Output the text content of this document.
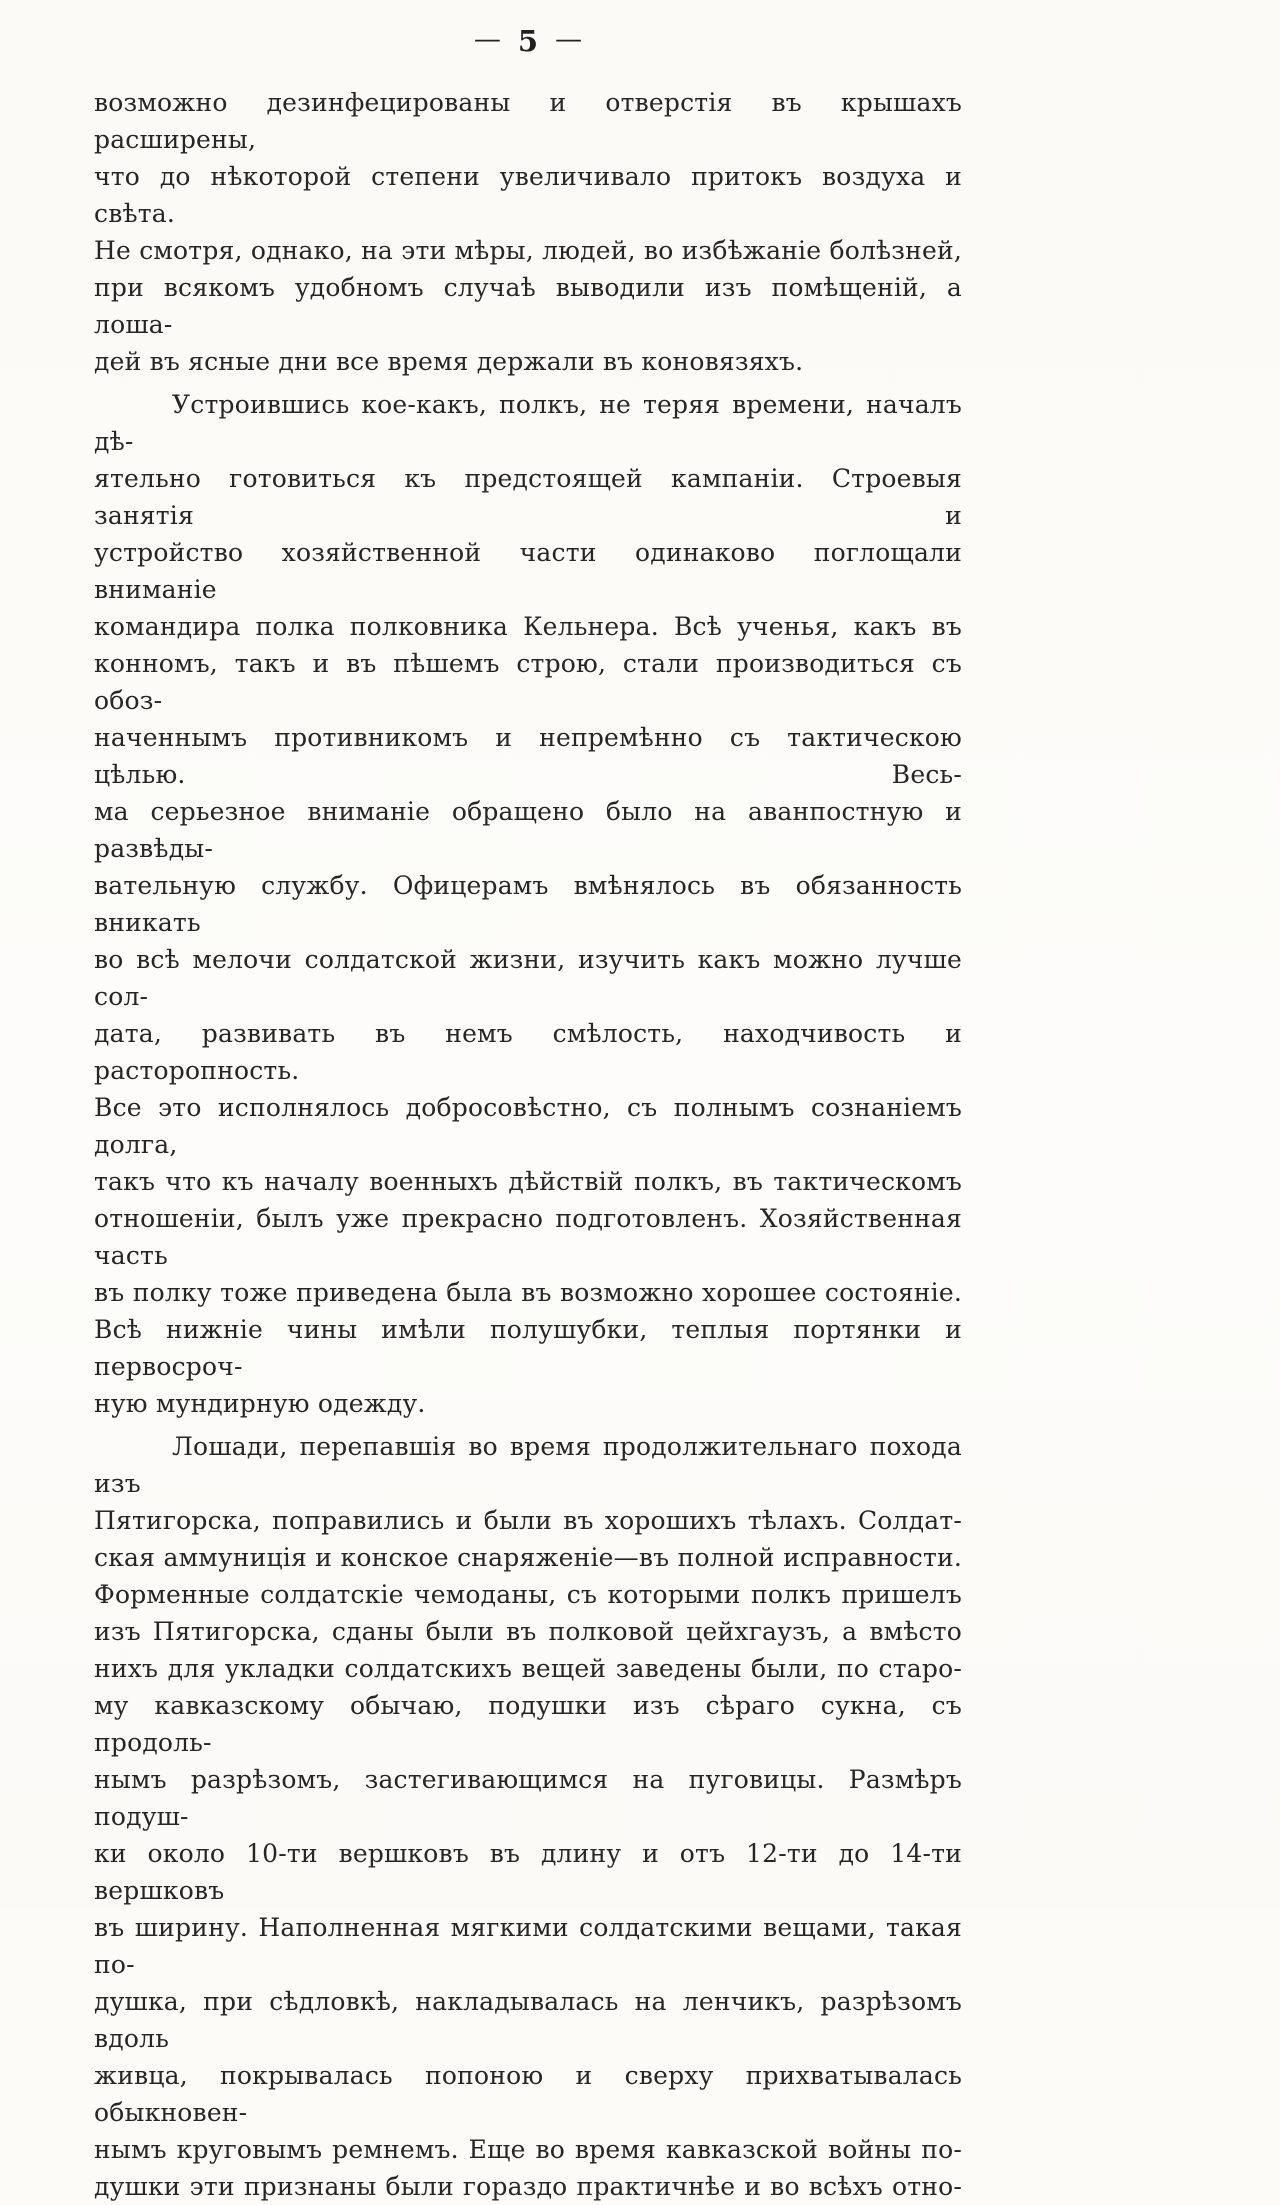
— 5 —
возможно дезинфецированы и отверстія въ крышахъ расширены,
что до нѣкоторой степени увеличивало притокъ воздуха и свѣта.
Не смотря, однако, на эти мѣры, людей, во избѣжаніе болѣзней,
при всякомъ удобномъ случаѣ выводили изъ помѣщеній, а лоша-
дей въ ясные дни все время держали въ коновязяхъ.
Устроившись кое-какъ, полкъ, не теряя времени, началъ дѣ-
ятельно готовиться къ предстоящей кампаніи. Строевыя занятія и
устройство хозяйственной части одинаково поглощали вниманіе
командира полка полковника Кельнера. Всѣ ученья, какъ въ
конномъ, такъ и въ пѣшемъ строю, стали производиться съ обоз-
наченнымъ противникомъ и непремѣнно съ тактическою цѣлью. Весь-
ма серьезное вниманіе обращено было на аванпостную и развѣды-
вательную службу. Офицерамъ вмѣнялось въ обязанность вникать
во всѣ мелочи солдатской жизни, изучить какъ можно лучше сол-
дата, развивать въ немъ смѣлость, находчивость и расторопность.
Все это исполнялось добросовѣстно, съ полнымъ сознаніемъ долга,
такъ что къ началу военныхъ дѣйствій полкъ, въ тактическомъ
отношеніи, былъ уже прекрасно подготовленъ. Хозяйственная часть
въ полку тоже приведена была въ возможно хорошее состояніе.
Всѣ нижніе чины имѣли полушубки, теплыя портянки и первосроч-
ную мундирную одежду.
Лошади, перепавшія во время продолжительнаго похода изъ
Пятигорска, поправились и были въ хорошихъ тѣлахъ. Солдат-
ская аммуниція и конское снаряженіе—въ полной исправности.
Форменные солдатскіе чемоданы, съ которыми полкъ пришелъ
изъ Пятигорска, сданы были въ полковой цейхгаузъ, а вмѣсто
нихъ для укладки солдатскихъ вещей заведены были, по старо-
му кавказскому обычаю, подушки изъ сѣраго сукна, съ продоль-
нымъ разрѣзомъ, застегивающимся на пуговицы. Размѣръ подуш-
ки около 10-ти вершковъ въ длину и отъ 12-ти до 14-ти вершковъ
въ ширину. Наполненная мягкими солдатскими вещами, такая по-
душка, при сѣдловкѣ, накладывалась на ленчикъ, разрѣзомъ вдоль
живца, покрывалась попоною и сверху прихватывалась обыкновен-
нымъ круговымъ ремнемъ. Еще во время кавказской войны по-
душки эти признаны были гораздо практичнѣе и во всѣхъ отно-
